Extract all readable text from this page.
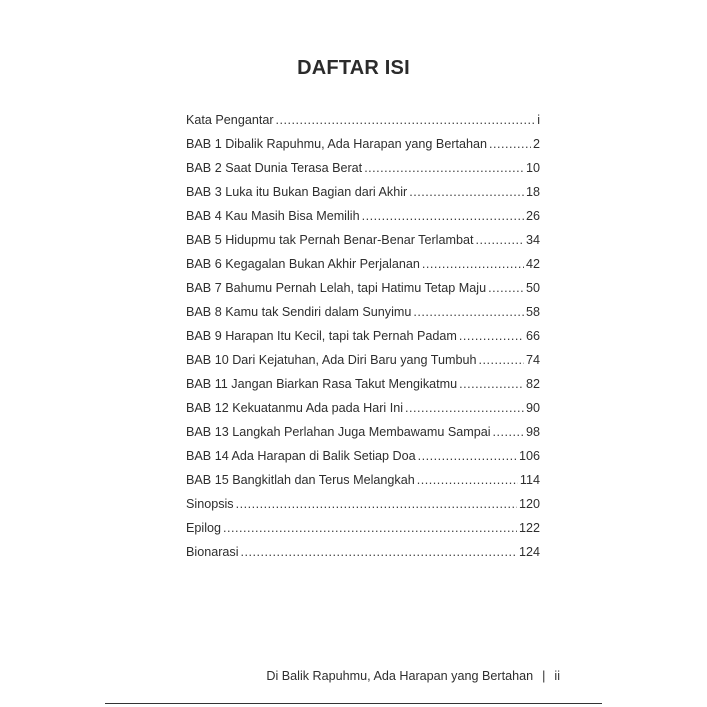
DAFTAR ISI
Kata Pengantar .....	i
BAB 1 Dibalik Rapuhmu, Ada Harapan yang Bertahan .....	2
BAB 2 Saat Dunia Terasa Berat .....	10
BAB 3 Luka itu Bukan Bagian dari Akhir .....	18
BAB 4 Kau Masih Bisa Memilih .....	26
BAB 5 Hidupmu tak Pernah Benar-Benar Terlambat .....	34
BAB 6 Kegagalan Bukan Akhir Perjalanan .....	42
BAB 7 Bahumu Pernah Lelah, tapi Hatimu Tetap Maju .....	50
BAB 8 Kamu tak Sendiri dalam Sunyimu .....	58
BAB 9 Harapan Itu Kecil, tapi tak Pernah Padam .....	66
BAB 10 Dari Kejatuhan, Ada Diri Baru yang Tumbuh .....	74
BAB 11 Jangan Biarkan Rasa Takut Mengikatmu .....	82
BAB 12 Kekuatanmu Ada pada Hari Ini .....	90
BAB 13 Langkah Perlahan Juga Membawamu Sampai .....	98
BAB 14 Ada Harapan di Balik Setiap Doa .....	106
BAB 15 Bangkitlah dan Terus Melangkah .....	114
Sinopsis .....	120
Epilog .....	122
Bionarasi .....	124
Di Balik Rapuhmu, Ada Harapan yang Bertahan | ii
